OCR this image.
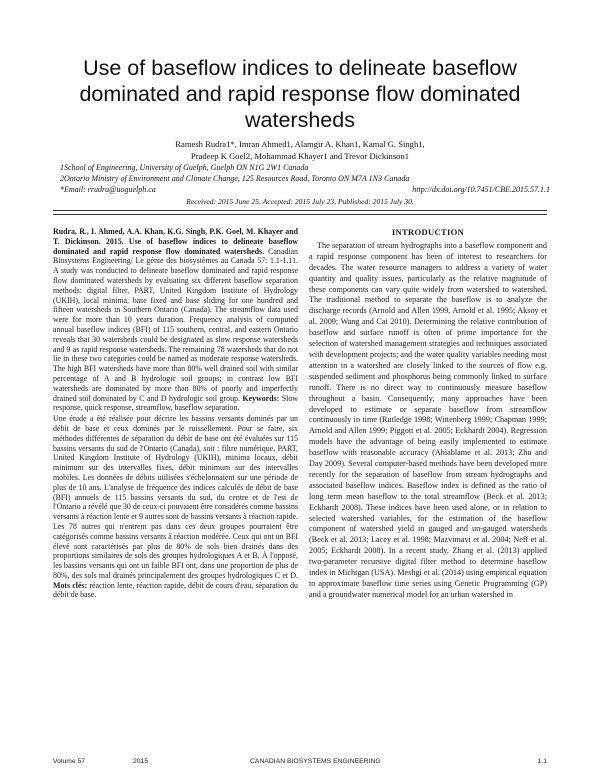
Use of baseflow indices to delineate baseflow dominated and rapid response flow dominated watersheds
Ramesh Rudra1*, Imran Ahmed1, Alamgir A. Khan1, Kamal G. Singh1,
Pradeep K Goel2, Mohammad Khayer1 and Trevor Dickinson1
1School of Engineering, University of Guelph, Guelph ON N1G 2W1 Canada
2Ontario Ministry of Environment and Climate Change, 125 Resources Road, Toronto ON M7A 1N3 Canada
*Email: rrudra@uoguelph.ca	http://dx.doi.org/10.7451/CBE.2015.57.1.1
Received: 2015 June 25, Accepted: 2015 July 23, Published: 2015 July 30.

Rudra, R., I. Ahmed, A.A. Khan, K.G. Singh, P.K. Goel, M. Khayer and T. Dickinson. 2015. Use of baseflow indices to delineate baseflow dominated and rapid response flow dominated watersheds. Canadian Biosystems Engineering/ Le génie des biosystèmes au Canada 57: 1.1-1.11. A study was conducted to delineate baseflow dominated and rapid response flow dominated watersheds by evaluating six different baseflow separation methods: digital filter, PART, United Kingdom Institute of Hydrology (UKIH), local minima, base fixed and base sliding for one hundred and fifteen watersheds in Southern Ontario (Canada). The streamflow data used were for more than 10 years duration. Frequency analysis of computed annual baseflow indices (BFI) of 115 southern, central, and eastern Ontario reveals that 30 watersheds could be designated as slow response watersheds and 9 as rapid response watersheds. The remaining 78 watersheds that do not lie in these two categories could be named as moderate response watersheds. The high BFI watersheds have more than 80% well drained soil with similar percentage of A and B hydrologic soil groups; in contrast low BFI watersheds are dominated by more than 80% of poorly and imperfectly drained soil dominated by C and D hydrologic soil group. Keywords: Slow response, quick response, streamflow, baseflow separation.

Une étude a été réalisée pour décrire les bassins versants dominés par un débit de base et ceux dominés par le ruissellement. Pour se faire, six méthodes différentes de séparation du débit de base ont été évaluées sur 115 bassins versants du sud de l'Ontario (Canada), soit : filtre numérique, PART, United Kingdom Institute of Hydrology (UKIH), minima locaux, débit minimum sur des intervalles fixes, débit minimum sur des intervalles mobiles. Les données de débits utilisées s'échelonnaient sur une période de plus de 10 ans. L'analyse de fréquence des indices calculés de débit de base (BFI) annuels de 115 bassins versants du sud, du centre et de l'est de l'Ontario a révélé que 30 de ceux-ci pouvaient être considérés comme bassins versants à réaction lente et 9 autres sont de bassins versants à réaction rapide. Les 78 autres qui n'entrent pas dans ces deux groupes pourraient être catégorisés comme bassins versants à réaction modérée. Ceux qui ont un BFI élevé sont caractérisés par plus de 80% de sols bien drainés dans des proportions similaires de sols des groupes hydrologiques A et B. À l'opposé, les bassins versants qui ont un faible BFI ont, dans une proportion de plus de 80%, des sols mal drainés principalement des groupes hydrologiques C et D. Mots clés: réaction lente, réaction rapide, débit de cours d'eau, séparation du débit de base.

INTRODUCTION

The separation of stream hydrographs into a baseflow component and a rapid response component has been of interest to researchers for decades. The water resource managers to address a variety of water quantity and quality issues, particularly as the relative magnitude of these components can vary quite widely from watershed to watershed. The traditional method to separate the baseflow is to analyze the discharge records (Arnold and Allen 1999, Arnold et al. 1995; Aksoy et al. 2009; Wang and Cai 2010). Determining the relative contribution of baseflow and surface runoff is often of prime importance for the selection of watershed management strategies and techniques associated with development projects; and the water quality variables needing most attention in a watershed are closely linked to the sources of flow e.g. suspended sediment and phosphorus being commonly linked to surface runoff. There is no direct way to continuously measure baseflow throughout a basin. Consequently, many approaches have been developed to estimate or separate baseflow from streamflow continuously in time (Rutledge 1998; Wittenberg 1999; Chapman 1999; Arnold and Allen 1999; Piggott et al. 2005; Eckhardt 2004). Regression models have the advantage of being easily implemented to estimate baseflow with reasonable accuracy (Ahiablame et al. 2013; Zhu and Day 2009). Several computer-based methods have been developed more recently for the separation of baseflow from stream hydrographs and associated baseflow indices. Baseflow index is defined as the ratio of long term mean baseflow to the total streamflow (Beck et al. 2013; Eckhardt 2008). These indices have been used alone, or in relation to selected watershed variables, for the estimation of the baseflow component of watershed yield in gauged and un-gauged watersheds (Beck et al. 2013; Lacey et al. 1998; Mazvimavi et al. 2004; Neff et al. 2005; Eckhardt 2008). In a recent study, Zhang et al. (2013) applied two-parameter recursive digital filter method to determine baseflow index in Michigan (USA). Meshgi et al. (2014) using empirical equation to approximate baseflow time series using Genetic Programming (GP) and a groundwater numerical model for an urban watershed in

Volume 57	2015	CANADIAN BIOSYSTEMS ENGINEERING	1.1
